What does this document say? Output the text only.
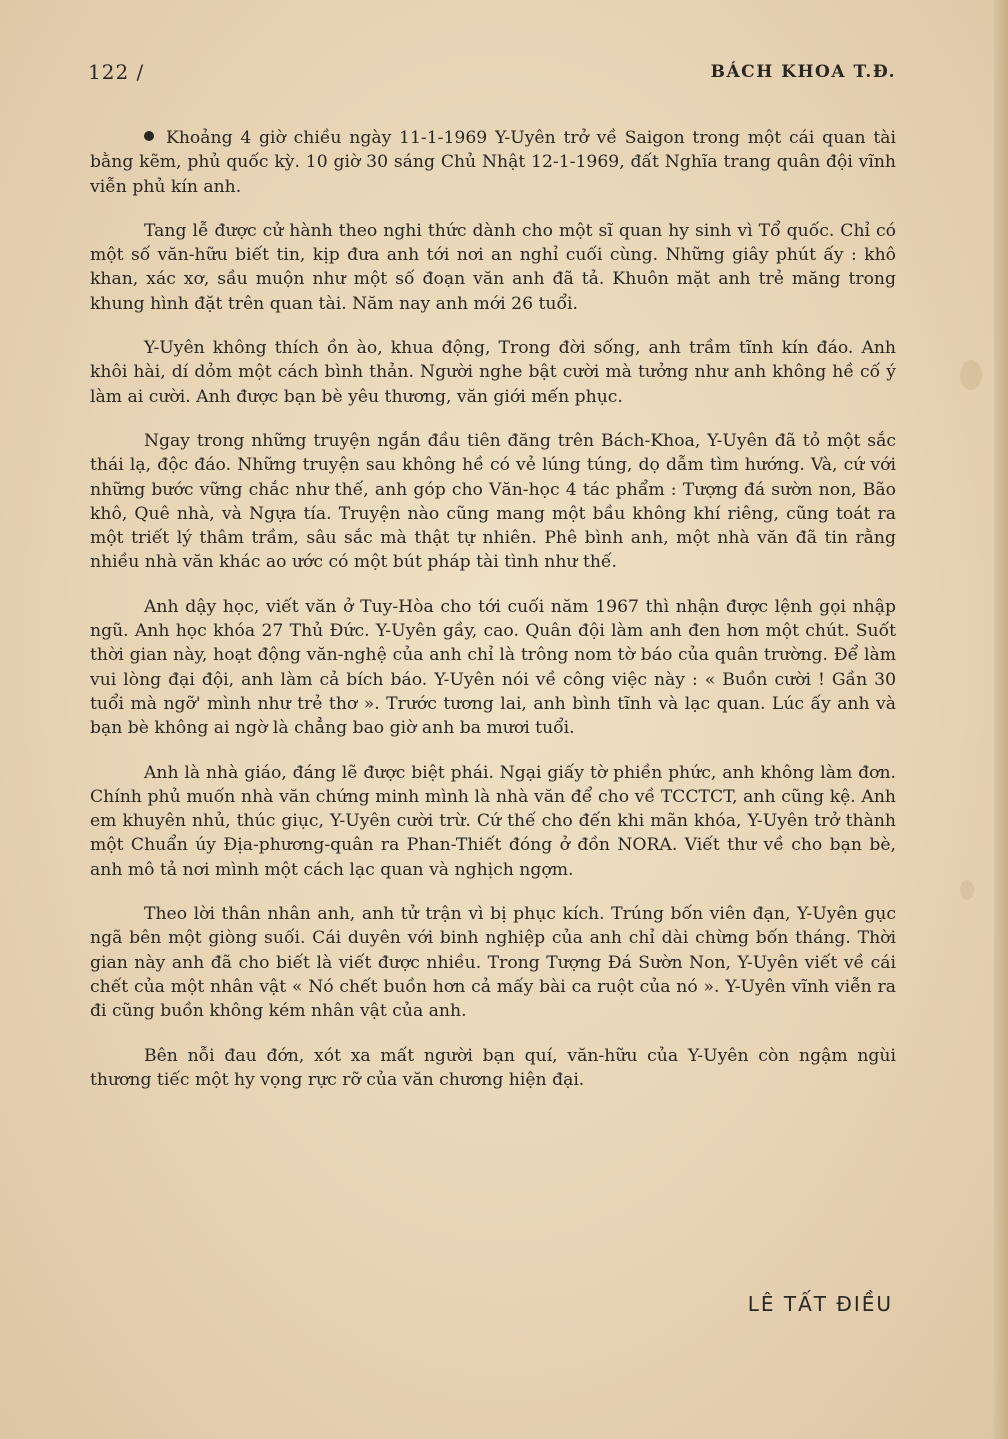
122 /	BÁCH KHOA T.Đ.

Khoảng 4 giờ chiều ngày 11-1-1969 Y-Uyên trở về Saigon trong một cái quan tài bằng kẽm, phủ quốc kỳ. 10 giờ 30 sáng Chủ Nhật 12-1-1969, đất Nghĩa trang quân đội vĩnh viễn phủ kín anh.

Tang lễ được cử hành theo nghi thức dành cho một sĩ quan hy sinh vì Tổ quốc. Chỉ có một số văn-hữu biết tin, kịp đưa anh tới nơi an nghỉ cuối cùng. Những giây phút ấy : khô khan, xác xơ, sầu muộn như một số đoạn văn anh đã tả. Khuôn mặt anh trẻ măng trong khung hình đặt trên quan tài. Năm nay anh mới 26 tuổi.

Y-Uyên không thích ồn ào, khua động, Trong đời sống, anh trầm tĩnh kín đáo. Anh khôi hài, dí dỏm một cách bình thản. Người nghe bật cười mà tưởng như anh không hề cố ý làm ai cười. Anh được bạn bè yêu thương, văn giới mến phục.

Ngay trong những truyện ngắn đầu tiên đăng trên Bách-Khoa, Y-Uyên đã tỏ một sắc thái lạ, độc đáo. Những truyện sau không hề có vẻ lúng túng, dọ dẫm tìm hướng. Và, cứ với những bước vững chắc như thế, anh góp cho Văn-học 4 tác phẩm : Tượng đá sườn non, Bão khô, Quê nhà, và Ngựa tía. Truyện nào cũng mang một bầu không khí riêng, cũng toát ra một triết lý thâm trầm, sâu sắc mà thật tự nhiên. Phê bình anh, một nhà văn đã tin rằng nhiều nhà văn khác ao ước có một bút pháp tài tình như thế.

Anh dậy học, viết văn ở Tuy-Hòa cho tới cuối năm 1967 thì nhận được lệnh gọi nhập ngũ. Anh học khóa 27 Thủ Đức. Y-Uyên gầy, cao. Quân đội làm anh đen hơn một chút. Suốt thời gian này, hoạt động văn-nghệ của anh chỉ là trông nom tờ báo của quân trường. Để làm vui lòng đại đội, anh làm cả bích báo. Y-Uyên nói về công việc này : « Buồn cười ! Gần 30 tuổi mà ngỡ' mình như trẻ thơ ». Trước tương lai, anh bình tĩnh và lạc quan. Lúc ấy anh và bạn bè không ai ngờ là chẳng bao giờ anh ba mươi tuổi.

Anh là nhà giáo, đáng lẽ được biệt phái. Ngại giấy tờ phiền phức, anh không làm đơn. Chính phủ muốn nhà văn chứng minh mình là nhà văn để cho về TCCTCT, anh cũng kệ. Anh em khuyên nhủ, thúc giục, Y-Uyên cười trừ. Cứ thế cho đến khi mãn khóa, Y-Uyên trở thành một Chuẩn úy Địa-phương-quân ra Phan-Thiết đóng ở đồn NORA. Viết thư về cho bạn bè, anh mô tả nơi mình một cách lạc quan và nghịch ngợm.

Theo lời thân nhân anh, anh tử trận vì bị phục kích. Trúng bốn viên đạn, Y-Uyên gục ngã bên một giòng suối. Cái duyên với binh nghiệp của anh chỉ dài chừng bốn tháng. Thời gian này anh đã cho biết là viết được nhiều. Trong Tượng Đá Sườn Non, Y-Uyên viết về cái chết của một nhân vật « Nó chết buồn hơn cả mấy bài ca ruột của nó ». Y-Uyên vĩnh viễn ra đi cũng buồn không kém nhân vật của anh.

Bên nỗi đau đớn, xót xa mất người bạn quí, văn-hữu của Y-Uyên còn ngậm ngùi thương tiếc một hy vọng rực rỡ của văn chương hiện đại.

LÊ TẤT ĐIỀU
